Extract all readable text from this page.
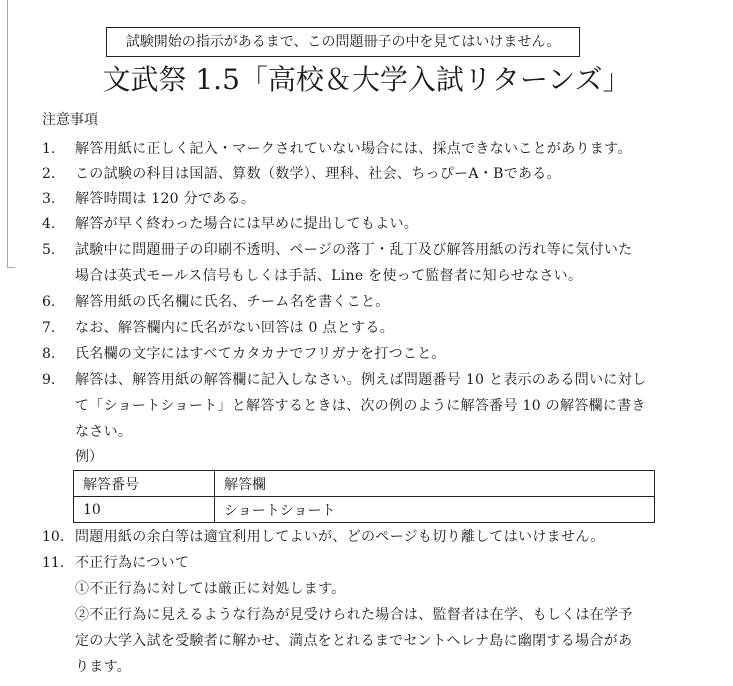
試験開始の指示があるまで、この問題冊子の中を見てはいけません。
文武祭 1.5「高校＆大学入試リターンズ」
注意事項
1.	解答用紙に正しく記入・マークされていない場合には、採点できないことがあります。
2.	この試験の科目は国語、算数（数学）、理科、社会、ちっぴーA・Bである。
3.	解答時間は 120 分である。
4.	解答が早く終わった場合には早めに提出してもよい。
5.	試験中に問題冊子の印刷不透明、ページの落丁・乱丁及び解答用紙の汚れ等に気付いた
場合は英式モールス信号もしくは手話、Line を使って監督者に知らせなさい。
6.	解答用紙の氏名欄に氏名、チーム名を書くこと。
7.	なお、解答欄内に氏名がない回答は 0 点とする。
8.	氏名欄の文字にはすべてカタカナでフリガナを打つこと。
9.	解答は、解答用紙の解答欄に記入しなさい。例えば問題番号 10 と表示のある問いに対し
て「ショートショート」と解答するときは、次の例のように解答番号 10 の解答欄に書き
なさい。
10. 問題用紙の余白等は適宜利用してよいが、どのページも切り離してはいけません。
11. 不正行為について
①不正行為に対しては厳正に対処します。
②不正行為に見えるような行為が見受けられた場合は、監督者は在学、もしくは在学予
定の大学入試を受験者に解かせ、満点をとれるまでセントヘレナ島に幽閉する場合があ
ります。
例）
解答番号	解答欄
10	ショートショート
